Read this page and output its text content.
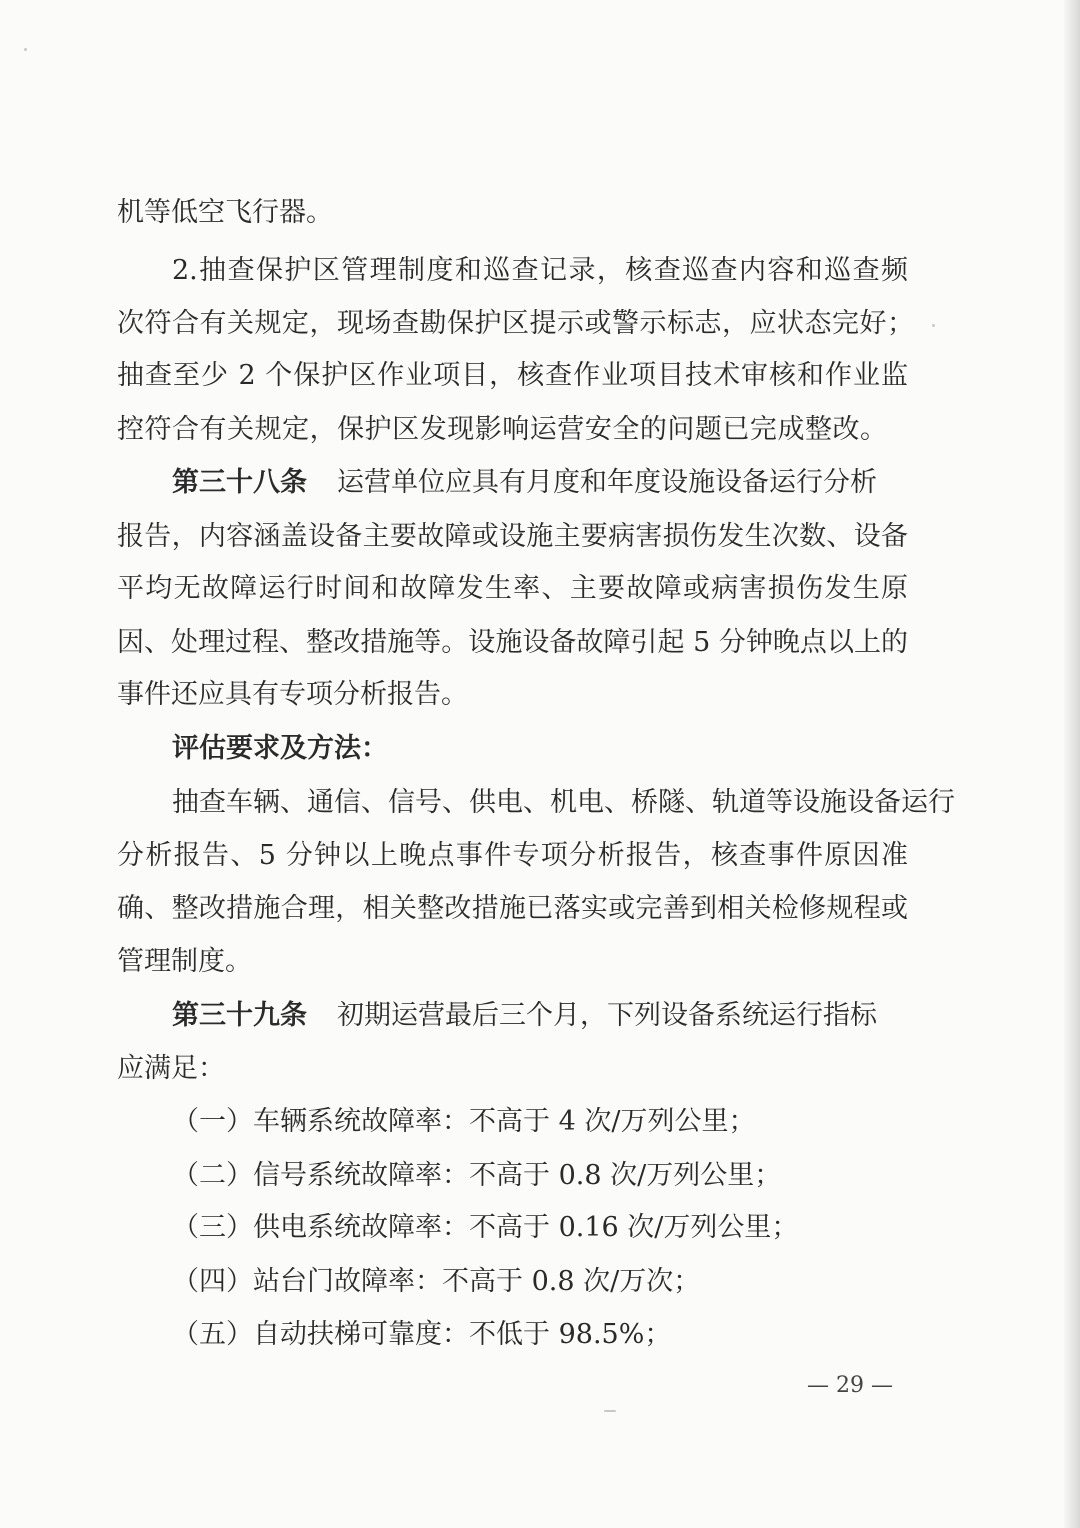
机等低空飞行器。
2.抽查保护区管理制度和巡查记录，核查巡查内容和巡查频
次符合有关规定，现场查勘保护区提示或警示标志，应状态完好；
抽查至少 2 个保护区作业项目，核查作业项目技术审核和作业监
控符合有关规定，保护区发现影响运营安全的问题已完成整改。
第三十八条 运营单位应具有月度和年度设施设备运行分析
报告，内容涵盖设备主要故障或设施主要病害损伤发生次数、设备
平均无故障运行时间和故障发生率、主要故障或病害损伤发生原
因、处理过程、整改措施等。设施设备故障引起 5 分钟晚点以上的
事件还应具有专项分析报告。
评估要求及方法：
抽查车辆、通信、信号、供电、机电、桥隧、轨道等设施设备运行
分析报告、5 分钟以上晚点事件专项分析报告，核查事件原因准
确、整改措施合理，相关整改措施已落实或完善到相关检修规程或
管理制度。
第三十九条 初期运营最后三个月，下列设备系统运行指标
应满足：
（一）车辆系统故障率：不高于 4 次/万列公里；
（二）信号系统故障率：不高于 0.8 次/万列公里；
（三）供电系统故障率：不高于 0.16 次/万列公里；
（四）站台门故障率：不高于 0.8 次/万次；
（五）自动扶梯可靠度：不低于 98.5%；
— 29 —
